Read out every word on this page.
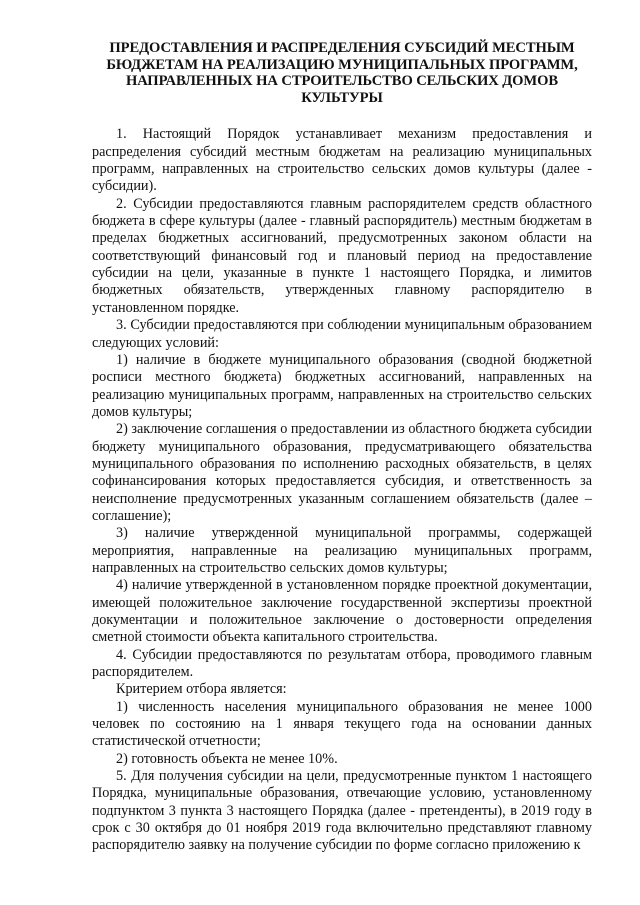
ПРЕДОСТАВЛЕНИЯ И РАСПРЕДЕЛЕНИЯ СУБСИДИЙ МЕСТНЫМ БЮДЖЕТАМ НА РЕАЛИЗАЦИЮ МУНИЦИПАЛЬНЫХ ПРОГРАММ, НАПРАВЛЕННЫХ НА СТРОИТЕЛЬСТВО СЕЛЬСКИХ ДОМОВ КУЛЬТУРЫ

1. Настоящий Порядок устанавливает механизм предоставления и распределения субсидий местным бюджетам на реализацию муниципальных программ, направленных на строительство сельских домов культуры (далее - субсидии).

2. Субсидии предоставляются главным распорядителем средств областного бюджета в сфере культуры (далее - главный распорядитель) местным бюджетам в пределах бюджетных ассигнований, предусмотренных законом области на соответствующий финансовый год и плановый период на предоставление субсидии на цели, указанные в пункте 1 настоящего Порядка, и лимитов бюджетных обязательств, утвержденных главному распорядителю в установленном порядке.

3. Субсидии предоставляются при соблюдении муниципальным образованием следующих условий:

1) наличие в бюджете муниципального образования (сводной бюджетной росписи местного бюджета) бюджетных ассигнований, направленных на реализацию муниципальных программ, направленных на строительство сельских домов культуры;

2) заключение соглашения о предоставлении из областного бюджета субсидии бюджету муниципального образования, предусматривающего обязательства муниципального образования по исполнению расходных обязательств, в целях софинансирования которых предоставляется субсидия, и ответственность за неисполнение предусмотренных указанным соглашением обязательств (далее – соглашение);

3) наличие утвержденной муниципальной программы, содержащей мероприятия, направленные на реализацию муниципальных программ, направленных на строительство сельских домов культуры;

4) наличие утвержденной в установленном порядке проектной документации, имеющей положительное заключение государственной экспертизы проектной документации и положительное заключение о достоверности определения сметной стоимости объекта капитального строительства.

4. Субсидии предоставляются по результатам отбора, проводимого главным распорядителем.

Критерием отбора является:

1) численность населения муниципального образования не менее 1000 человек по состоянию на 1 января текущего года на основании данных статистической отчетности;

2) готовность объекта не менее 10%.

5. Для получения субсидии на цели, предусмотренные пунктом 1 настоящего Порядка, муниципальные образования, отвечающие условию, установленному подпунктом 3 пункта 3 настоящего Порядка (далее - претенденты), в 2019 году в срок с 30 октября до 01 ноября 2019 года включительно представляют главному распорядителю заявку на получение субсидии по форме согласно приложению к
